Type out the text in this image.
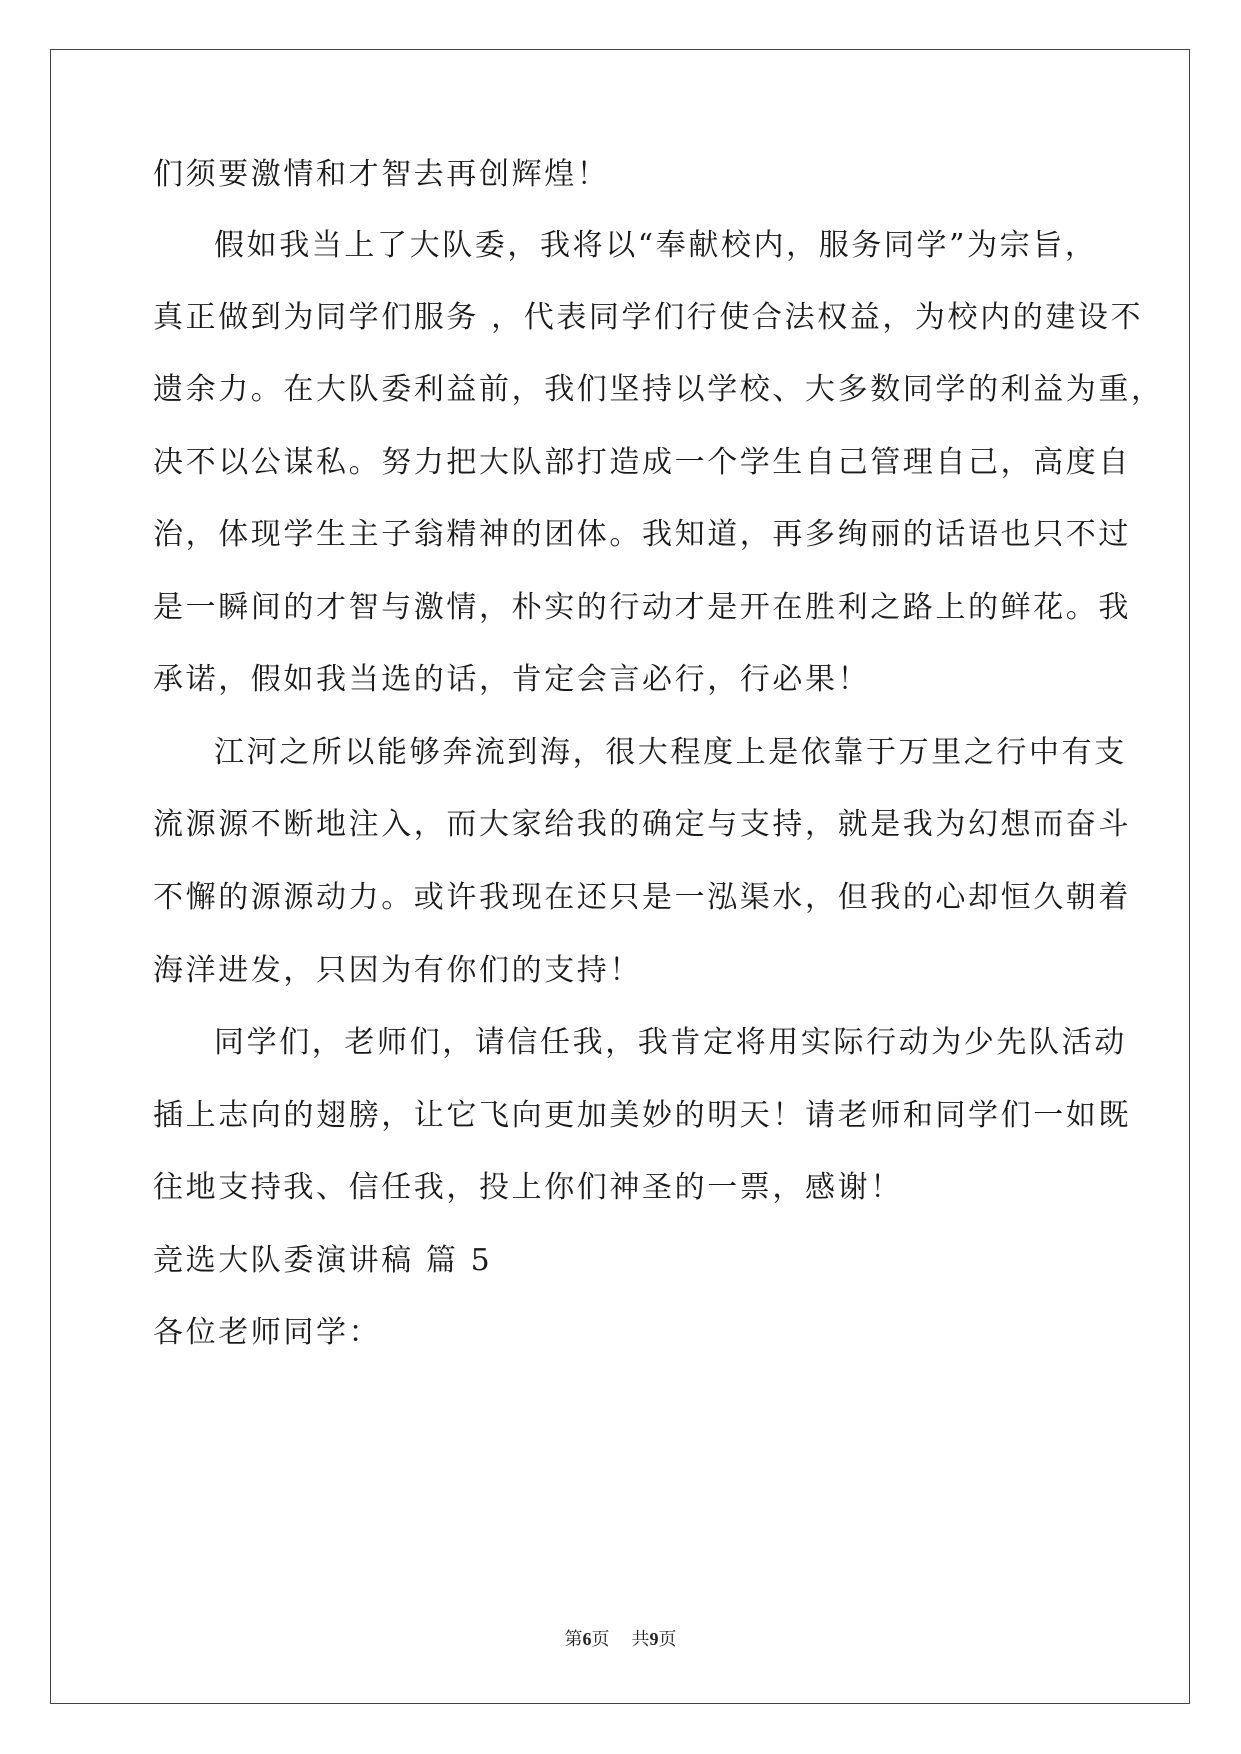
们须要激情和才智去再创辉煌！
假如我当上了大队委，我将以“奉献校内，服务同学”为宗旨，
真正做到为同学们服务 ，代表同学们行使合法权益，为校内的建设不
遗余力。在大队委利益前，我们坚持以学校、大多数同学的利益为重，
决不以公谋私。努力把大队部打造成一个学生自己管理自己，高度自
治，体现学生主子翁精神的团体。我知道，再多绚丽的话语也只不过
是一瞬间的才智与激情，朴实的行动才是开在胜利之路上的鲜花。我
承诺，假如我当选的话，肯定会言必行，行必果！
江河之所以能够奔流到海，很大程度上是依靠于万里之行中有支
流源源不断地注入，而大家给我的确定与支持，就是我为幻想而奋斗
不懈的源源动力。或许我现在还只是一泓渠水，但我的心却恒久朝着
海洋进发，只因为有你们的支持！
同学们，老师们，请信任我，我肯定将用实际行动为少先队活动
插上志向的翅膀，让它飞向更加美妙的明天！请老师和同学们一如既
往地支持我、信任我，投上你们神圣的一票，感谢！
竞选大队委演讲稿 篇 5
各位老师同学：
第6页 共9页
